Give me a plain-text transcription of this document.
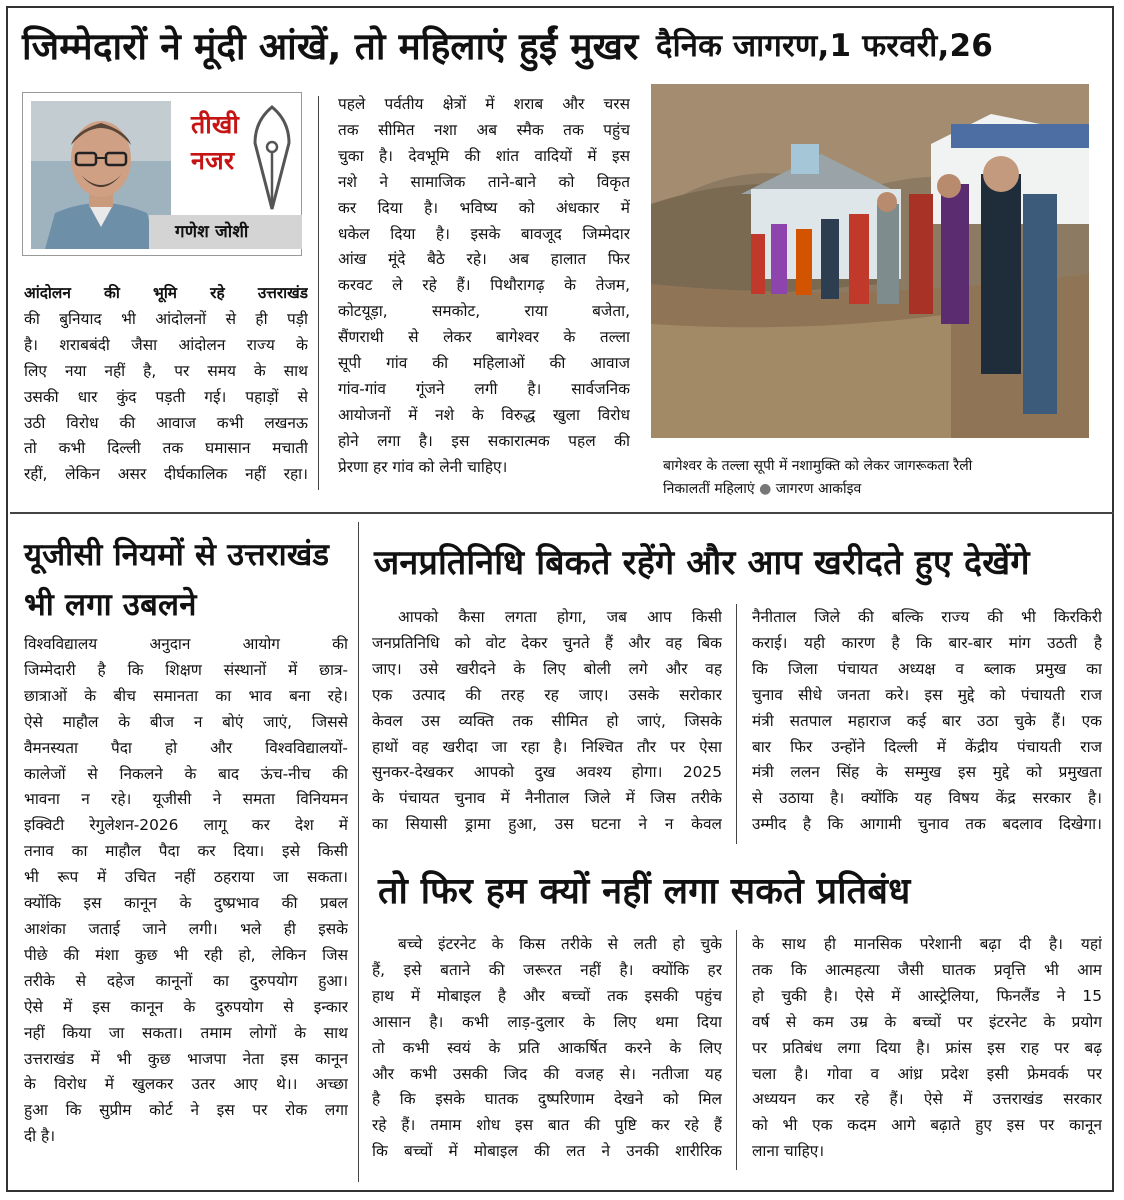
जिम्मेदारों ने मूंदी आंखें, तो महिलाएं हुईं मुखर दैनिक जागरण,1 फरवरी,26
तीखी
नजर
गणेश जोशी
आंदोलन की भूमि रहे उत्तराखंड
की बुनियाद भी आंदोलनों से ही पड़ी
है। शराबबंदी जैसा आंदोलन राज्य के
लिए नया नहीं है, पर समय के साथ
उसकी धार कुंद पड़ती गई। पहाड़ों से
उठी विरोध की आवाज कभी लखनऊ
तो कभी दिल्ली तक घमासान मचाती
रहीं, लेकिन असर दीर्घकालिक नहीं रहा।
पहले पर्वतीय क्षेत्रों में शराब और चरस
तक सीमित नशा अब स्मैक तक पहुंच
चुका है। देवभूमि की शांत वादियों में इस
नशे ने सामाजिक ताने-बाने को विकृत
कर दिया है। भविष्य को अंधकार में
धकेल दिया है। इसके बावजूद जिम्मेदार
आंख मूंदे बैठे रहे। अब हालात फिर
करवट ले रहे हैं। पिथौरागढ़ के तेजम,
कोटयूड़ा, समकोट, राया बजेता,
सैंणराथी से लेकर बागेश्वर के तल्ला
सूपी गांव की महिलाओं की आवाज
गांव-गांव गूंजने लगी है। सार्वजनिक
आयोजनों में नशे के विरुद्ध खुला विरोध
होने लगा है। इस सकारात्मक पहल की
प्रेरणा हर गांव को लेनी चाहिए।	बागेश्वर के तल्ला सूपी में नशामुक्ति को लेकर जागरूकता रैली
निकालतीं महिलाएं ● जागरण आर्काइव
यूजीसी नियमों से उत्तराखंड
भी लगा उबलने
विश्वविद्यालय अनुदान आयोग की
जिम्मेदारी है कि शिक्षण संस्थानों में छात्र-
छात्राओं के बीच समानता का भाव बना रहे।
ऐसे माहौल के बीज न बोएं जाएं, जिससे
वैमनस्यता पैदा हो और विश्वविद्यालयों-
कालेजों से निकलने के बाद ऊंच-नीच की
भावना न रहे। यूजीसी ने समता विनियमन
इक्विटी रेगुलेशन-2026 लागू कर देश में
तनाव का माहौल पैदा कर दिया। इसे किसी
भी रूप में उचित नहीं ठहराया जा सकता।
क्योंकि इस कानून के दुष्प्रभाव की प्रबल
आशंका जताई जाने लगी। भले ही इसके
पीछे की मंशा कुछ भी रही हो, लेकिन जिस
तरीके से दहेज कानूनों का दुरुपयोग हुआ।
ऐसे में इस कानून के दुरुपयोग से इन्कार
नहीं किया जा सकता। तमाम लोगों के साथ
उत्तराखंड में भी कुछ भाजपा नेता इस कानून
के विरोध में खुलकर उतर आए थे।। अच्छा
हुआ कि सुप्रीम कोर्ट ने इस पर रोक लगा
दी है।
जनप्रतिनिधि बिकते रहेंगे और आप खरीदते हुए देखेंगे
आपको कैसा लगता होगा, जब आप किसी
जनप्रतिनिधि को वोट देकर चुनते हैं और वह बिक
जाए। उसे खरीदने के लिए बोली लगे और वह
एक उत्पाद की तरह रह जाए। उसके सरोकार
केवल उस व्यक्ति तक सीमित हो जाएं, जिसके
हाथों वह खरीदा जा रहा है। निश्चित तौर पर ऐसा
सुनकर-देखकर आपको दुख अवश्य होगा। 2025
के पंचायत चुनाव में नैनीताल जिले में जिस तरीके
का सियासी ड्रामा हुआ, उस घटना ने न केवल
नैनीताल जिले की बल्कि राज्य की भी किरकिरी
कराई। यही कारण है कि बार-बार मांग उठती है
कि जिला पंचायत अध्यक्ष व ब्लाक प्रमुख का
चुनाव सीधे जनता करे। इस मुद्दे को पंचायती राज
मंत्री सतपाल महाराज कई बार उठा चुके हैं। एक
बार फिर उन्होंने दिल्ली में केंद्रीय पंचायती राज
मंत्री ललन सिंह के सम्मुख इस मुद्दे को प्रमुखता
से उठाया है। क्योंकि यह विषय केंद्र सरकार है।
उम्मीद है कि आगामी चुनाव तक बदलाव दिखेगा।
तो फिर हम क्यों नहीं लगा सकते प्रतिबंध
बच्चे इंटरनेट के किस तरीके से लती हो चुके
हैं, इसे बताने की जरूरत नहीं है। क्योंकि हर
हाथ में मोबाइल है और बच्चों तक इसकी पहुंच
आसान है। कभी लाड़-दुलार के लिए थमा दिया
तो कभी स्वयं के प्रति आकर्षित करने के लिए
और कभी उसकी जिद की वजह से। नतीजा यह
है कि इसके घातक दुष्परिणाम देखने को मिल
रहे हैं। तमाम शोध इस बात की पुष्टि कर रहे हैं
कि बच्चों में मोबाइल की लत ने उनकी शारीरिक
के साथ ही मानसिक परेशानी बढ़ा दी है। यहां
तक कि आत्महत्या जैसी घातक प्रवृत्ति भी आम
हो चुकी है। ऐसे में आस्ट्रेलिया, फिनलैंड ने 15
वर्ष से कम उम्र के बच्चों पर इंटरनेट के प्रयोग
पर प्रतिबंध लगा दिया है। फ्रांस इस राह पर बढ़
चला है। गोवा व आंध्र प्रदेश इसी फ्रेमवर्क पर
अध्ययन कर रहे हैं। ऐसे में उत्तराखंड सरकार
को भी एक कदम आगे बढ़ाते हुए इस पर कानून
लाना चाहिए।
